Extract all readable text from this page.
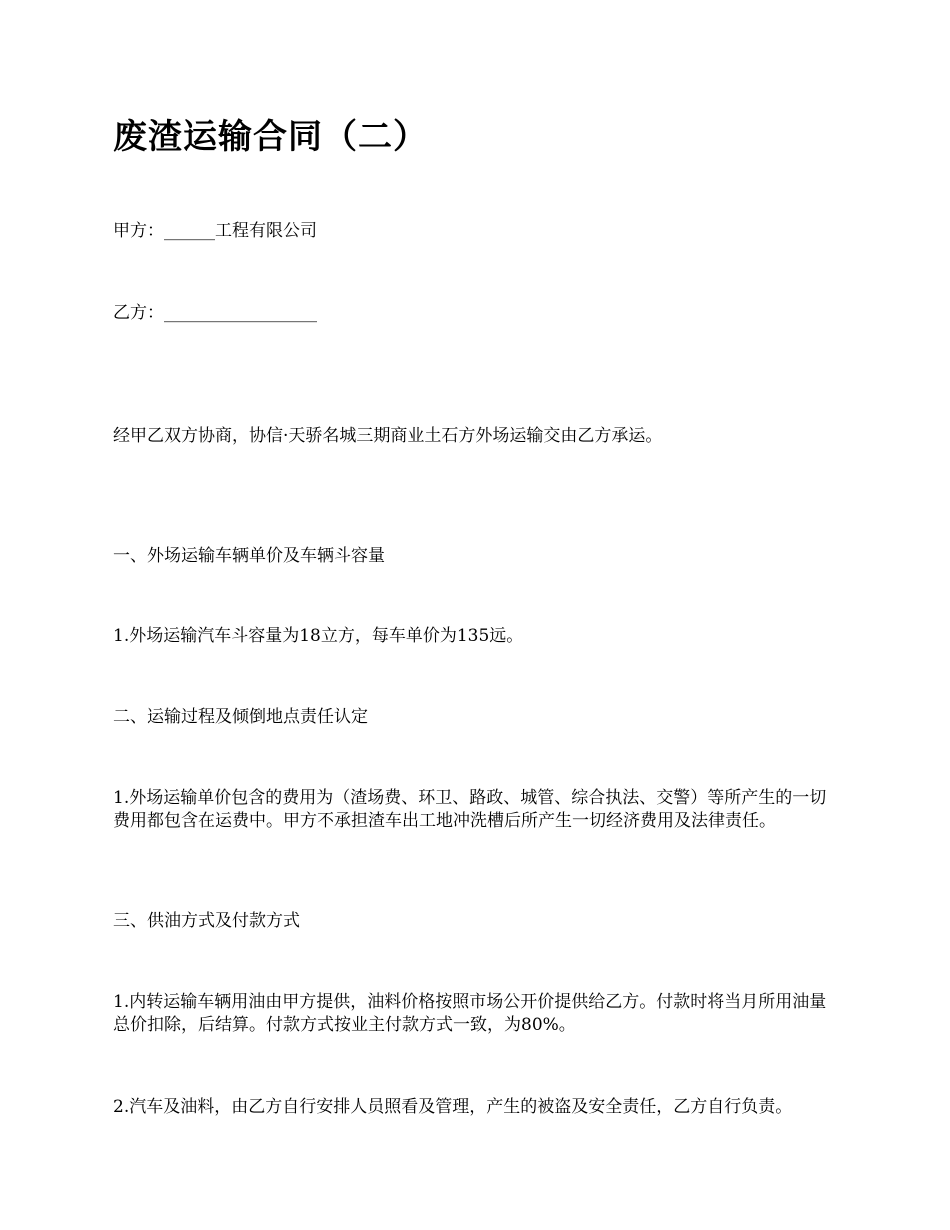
废渣运输合同（二）

甲方：______工程有限公司

乙方：__________________

经甲乙双方协商，协信·天骄名城三期商业土石方外场运输交由乙方承运。

一、外场运输车辆单价及车辆斗容量

1.外场运输汽车斗容量为18立方，每车单价为135远。

二、运输过程及倾倒地点责任认定

1.外场运输单价包含的费用为（渣场费、环卫、路政、城管、综合执法、交警）等所产生的一切费用都包含在运费中。甲方不承担渣车出工地冲洗槽后所产生一切经济费用及法律责任。

三、供油方式及付款方式

1.内转运输车辆用油由甲方提供，油料价格按照市场公开价提供给乙方。付款时将当月所用油量总价扣除，后结算。付款方式按业主付款方式一致，为80%。

2.汽车及油料，由乙方自行安排人员照看及管理，产生的被盗及安全责任，乙方自行负责。
